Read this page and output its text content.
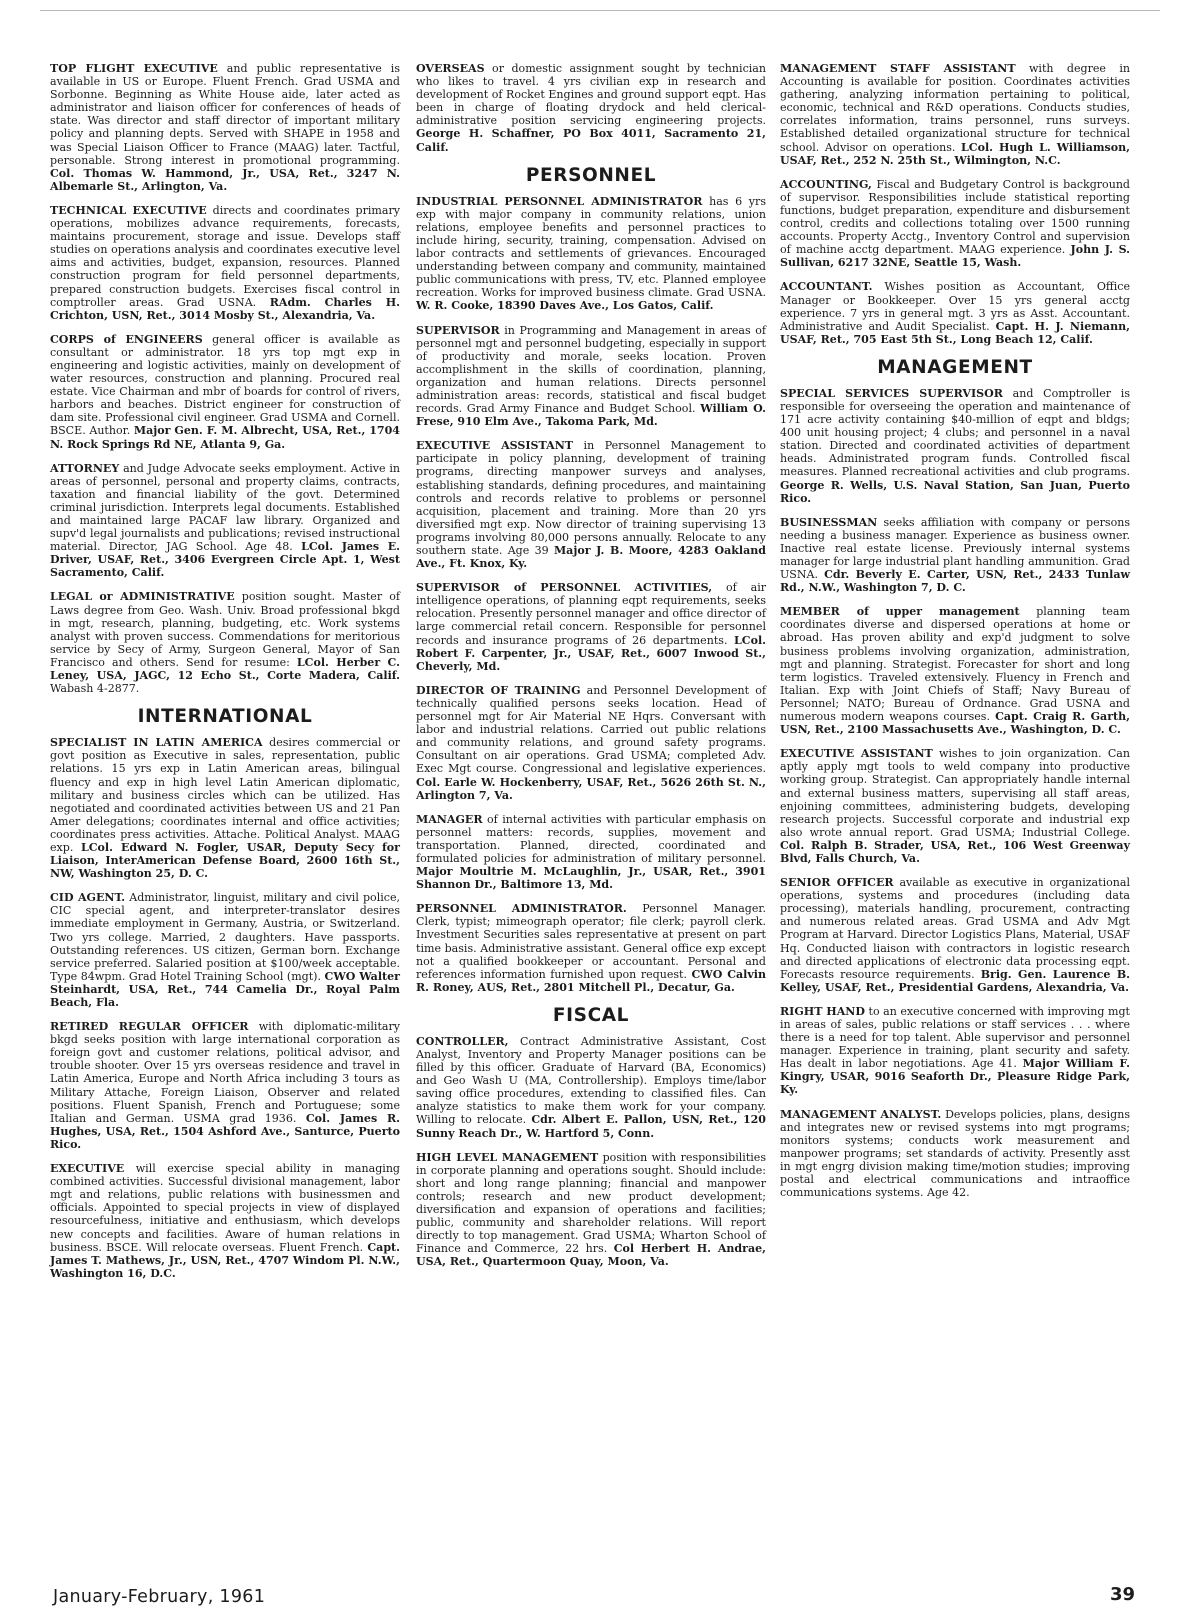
TOP FLIGHT EXECUTIVE and public representative is available in US or Europe. Fluent French. Grad USMA and Sorbonne. Beginning as White House aide, later acted as administrator and liaison officer for conferences of heads of state. Was director and staff director of important military policy and planning depts. Served with SHAPE in 1958 and was Special Liaison Officer to France (MAAG) later. Tactful, personable. Strong interest in promotional programming. Col. Thomas W. Hammond, Jr., USA, Ret., 3247 N. Albemarle St., Arlington, Va.

TECHNICAL EXECUTIVE directs and coordinates primary operations, mobilizes advance requirements, forecasts, maintains procurement, storage and issue. Develops staff studies on operations analysis and coordinates executive level aims and activities, budget, expansion, resources. Planned construction program for field personnel departments, prepared construction budgets. Exercises fiscal control in comptroller areas. Grad USNA. RAdm. Charles H. Crichton, USN, Ret., 3014 Mosby St., Alexandria, Va.

CORPS of ENGINEERS general officer is available as consultant or administrator. 18 yrs top mgt exp in engineering and logistic activities, mainly on development of water resources, construction and planning. Procured real estate. Vice Chairman and mbr of boards for control of rivers, harbors and beaches. District engineer for construction of dam site. Professional civil engineer. Grad USMA and Cornell. BSCE. Author. Major Gen. F. M. Albrecht, USA, Ret., 1704 N. Rock Springs Rd NE, Atlanta 9, Ga.

ATTORNEY and Judge Advocate seeks employment. Active in areas of personnel, personal and property claims, contracts, taxation and financial liability of the govt. Determined criminal jurisdiction. Interprets legal documents. Established and maintained large PACAF law library. Organized and supv'd legal journalists and publications; revised instructional material. Director, JAG School. Age 48. LCol. James E. Driver, USAF, Ret., 3406 Evergreen Circle Apt. 1, West Sacramento, Calif.

LEGAL or ADMINISTRATIVE position sought. Master of Laws degree from Geo. Wash. Univ. Broad professional bkgd in mgt, research, planning, budgeting, etc. Work systems analyst with proven success. Commendations for meritorious service by Secy of Army, Surgeon General, Mayor of San Francisco and others. Send for resume: LCol. Herber C. Leney, USA, JAGC, 12 Echo St., Corte Madera, Calif. Wabash 4-2877.

INTERNATIONAL

SPECIALIST IN LATIN AMERICA desires commercial or govt position as Executive in sales, representation, public relations. 15 yrs exp in Latin American areas, bilingual fluency and exp in high level Latin American diplomatic, military and business circles which can be utilized. Has negotiated and coordinated activities between US and 21 Pan Amer delegations; coordinates internal and office activities; coordinates press activities. Attache. Political Analyst. MAAG exp. LCol. Edward N. Fogler, USAR, Deputy Secy for Liaison, InterAmerican Defense Board, 2600 16th St., NW, Washington 25, D. C.

CID AGENT. Administrator, linguist, military and civil police, CIC special agent, and interpreter-translator desires immediate employment in Germany, Austria, or Switzerland. Two yrs college. Married, 2 daughters. Have passports. Outstanding references. US citizen, German born. Exchange service preferred. Salaried position at $100/week acceptable. Type 84wpm. Grad Hotel Training School (mgt). CWO Walter Steinhardt, USA, Ret., 744 Camelia Dr., Royal Palm Beach, Fla.

RETIRED REGULAR OFFICER with diplomatic-military bkgd seeks position with large international corporation as foreign govt and customer relations, political advisor, and trouble shooter. Over 15 yrs overseas residence and travel in Latin America, Europe and North Africa including 3 tours as Military Attache, Foreign Liaison, Observer and related positions. Fluent Spanish, French and Portuguese; some Italian and German. USMA grad 1936. Col. James R. Hughes, USA, Ret., 1504 Ashford Ave., Santurce, Puerto Rico.

EXECUTIVE will exercise special ability in managing combined activities. Successful divisional management, labor mgt and relations, public relations with businessmen and officials. Appointed to special projects in view of displayed resourcefulness, initiative and enthusiasm, which develops new concepts and facilities. Aware of human relations in business. BSCE. Will relocate overseas. Fluent French. Capt. James T. Mathews, Jr., USN, Ret., 4707 Windom Pl. N.W., Washington 16, D.C.

OVERSEAS or domestic assignment sought by technician who likes to travel. 4 yrs civilian exp in research and development of Rocket Engines and ground support eqpt. Has been in charge of floating drydock and held clerical-administrative position servicing engineering projects. George H. Schaffner, PO Box 4011, Sacramento 21, Calif.

PERSONNEL

INDUSTRIAL PERSONNEL ADMINISTRATOR has 6 yrs exp with major company in community relations, union relations, employee benefits and personnel practices to include hiring, security, training, compensation. Advised on labor contracts and settlements of grievances. Encouraged understanding between company and community, maintained public communications with press, TV, etc. Planned employee recreation. Works for improved business climate. Grad USNA. W. R. Cooke, 18390 Daves Ave., Los Gatos, Calif.

SUPERVISOR in Programming and Management in areas of personnel mgt and personnel budgeting, especially in support of productivity and morale, seeks location. Proven accomplishment in the skills of coordination, planning, organization and human relations. Directs personnel administration areas: records, statistical and fiscal budget records. Grad Army Finance and Budget School. William O. Frese, 910 Elm Ave., Takoma Park, Md.

EXECUTIVE ASSISTANT in Personnel Management to participate in policy planning, development of training programs, directing manpower surveys and analyses, establishing standards, defining procedures, and maintaining controls and records relative to problems or personnel acquisition, placement and training. More than 20 yrs diversified mgt exp. Now director of training supervising 13 programs involving 80,000 persons annually. Relocate to any southern state. Age 39 Major J. B. Moore, 4283 Oakland Ave., Ft. Knox, Ky.

SUPERVISOR of PERSONNEL ACTIVITIES, of air intelligence operations, of planning eqpt requirements, seeks relocation. Presently personnel manager and office director of large commercial retail concern. Responsible for personnel records and insurance programs of 26 departments. LCol. Robert F. Carpenter, Jr., USAF, Ret., 6007 Inwood St., Cheverly, Md.

DIRECTOR OF TRAINING and Personnel Development of technically qualified persons seeks location. Head of personnel mgt for Air Material NE Hqrs. Conversant with labor and industrial relations. Carried out public relations and community relations, and ground safety programs. Consultant on air operations. Grad USMA; completed Adv. Exec Mgt course. Congressional and legislative experiences. Col. Earle W. Hockenberry, USAF, Ret., 5626 26th St. N., Arlington 7, Va.

MANAGER of internal activities with particular emphasis on personnel matters: records, supplies, movement and transportation. Planned, directed, coordinated and formulated policies for administration of military personnel. Major Moultrie M. McLaughlin, Jr., USAR, Ret., 3901 Shannon Dr., Baltimore 13, Md.

PERSONNEL ADMINISTRATOR. Personnel Manager. Clerk, typist; mimeograph operator; file clerk; payroll clerk. Investment Securities sales representative at present on part time basis. Administrative assistant. General office exp except not a qualified bookkeeper or accountant. Personal and references information furnished upon request. CWO Calvin R. Roney, AUS, Ret., 2801 Mitchell Pl., Decatur, Ga.

FISCAL

CONTROLLER, Contract Administrative Assistant, Cost Analyst, Inventory and Property Manager positions can be filled by this officer. Graduate of Harvard (BA, Economics) and Geo Wash U (MA, Controllership). Employs time/labor saving office procedures, extending to classified files. Can analyze statistics to make them work for your company. Willing to relocate. Cdr. Albert E. Pallon, USN, Ret., 120 Sunny Reach Dr., W. Hartford 5, Conn.

HIGH LEVEL MANAGEMENT position with responsibilities in corporate planning and operations sought. Should include: short and long range planning; financial and manpower controls; research and new product development; diversification and expansion of operations and facilities; public, community and shareholder relations. Will report directly to top management. Grad USMA; Wharton School of Finance and Commerce, 22 hrs. Col Herbert H. Andrae, USA, Ret., Quartermoon Quay, Moon, Va.

MANAGEMENT STAFF ASSISTANT with degree in Accounting is available for position. Coordinates activities gathering, analyzing information pertaining to political, economic, technical and R&D operations. Conducts studies, correlates information, trains personnel, runs surveys. Established detailed organizational structure for technical school. Advisor on operations. LCol. Hugh L. Williamson, USAF, Ret., 252 N. 25th St., Wilmington, N.C.

ACCOUNTING, Fiscal and Budgetary Control is background of supervisor. Responsibilities include statistical reporting functions, budget preparation, expenditure and disbursement control, credits and collections totaling over 1500 running accounts. Property Acctg., Inventory Control and supervision of machine acctg department. MAAG experience. John J. S. Sullivan, 6217 32NE, Seattle 15, Wash.

ACCOUNTANT. Wishes position as Accountant, Office Manager or Bookkeeper. Over 15 yrs general acctg experience. 7 yrs in general mgt. 3 yrs as Asst. Accountant. Administrative and Audit Specialist. Capt. H. J. Niemann, USAF, Ret., 705 East 5th St., Long Beach 12, Calif.

MANAGEMENT

SPECIAL SERVICES SUPERVISOR and Comptroller is responsible for overseeing the operation and maintenance of 171 acre activity containing $40-million of eqpt and bldgs; 400 unit housing project; 4 clubs; and personnel in a naval station. Directed and coordinated activities of department heads. Administrated program funds. Controlled fiscal measures. Planned recreational activities and club programs. George R. Wells, U.S. Naval Station, San Juan, Puerto Rico.

BUSINESSMAN seeks affiliation with company or persons needing a business manager. Experience as business owner. Inactive real estate license. Previously internal systems manager for large industrial plant handling ammunition. Grad USNA. Cdr. Beverly E. Carter, USN, Ret., 2433 Tunlaw Rd., N.W., Washington 7, D. C.

MEMBER of upper management planning team coordinates diverse and dispersed operations at home or abroad. Has proven ability and exp'd judgment to solve business problems involving organization, administration, mgt and planning. Strategist. Forecaster for short and long term logistics. Traveled extensively. Fluency in French and Italian. Exp with Joint Chiefs of Staff; Navy Bureau of Personnel; NATO; Bureau of Ordnance. Grad USNA and numerous modern weapons courses. Capt. Craig R. Garth, USN, Ret., 2100 Massachusetts Ave., Washington, D. C.

EXECUTIVE ASSISTANT wishes to join organization. Can aptly apply mgt tools to weld company into productive working group. Strategist. Can appropriately handle internal and external business matters, supervising all staff areas, enjoining committees, administering budgets, developing research projects. Successful corporate and industrial exp also wrote annual report. Grad USMA; Industrial College. Col. Ralph B. Strader, USA, Ret., 106 West Greenway Blvd, Falls Church, Va.

SENIOR OFFICER available as executive in organizational operations, systems and procedures (including data processing), materials handling, procurement, contracting and numerous related areas. Grad USMA and Adv Mgt Program at Harvard. Director Logistics Plans, Material, USAF Hq. Conducted liaison with contractors in logistic research and directed applications of electronic data processing eqpt. Forecasts resource requirements. Brig. Gen. Laurence B. Kelley, USAF, Ret., Presidential Gardens, Alexandria, Va.

RIGHT HAND to an executive concerned with improving mgt in areas of sales, public relations or staff services . . . where there is a need for top talent. Able supervisor and personnel manager. Experience in training, plant security and safety. Has dealt in labor negotiations. Age 41. Major William F. Kingry, USAR, 9016 Seaforth Dr., Pleasure Ridge Park, Ky.

MANAGEMENT ANALYST. Develops policies, plans, designs and integrates new or revised systems into mgt programs; monitors systems; conducts work measurement and manpower programs; set standards of activity. Presently asst in mgt engrg division making time/motion studies; improving postal and electrical communications and intraoffice communications systems. Age 42.

January-February, 1961	39
